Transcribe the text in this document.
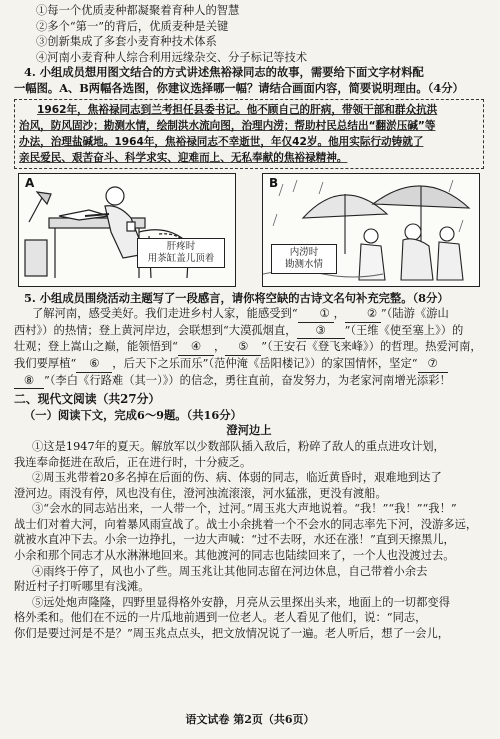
①每一个优质麦种都凝聚着育种人的智慧
②多个“第一”的背后，优质麦种是关键
③创新集成了多套小麦育种技术体系
④河南小麦育种人综合利用远缘杂交、分子标记等技术
4. 小组成员想用图文结合的方式讲述焦裕禄同志的故事，需要给下面文字材料配
一幅图。A、B两幅各选图，你建议选择哪一幅？请结合画面内容，简要说明理由。（4分）
1962年，焦裕禄同志到兰考担任县委书记。他不顾自己的肝病，带领干部和群众抗洪
治风，防风固沙；勘测水情，绘制洪水流向图，治理内涝；帮助村民总结出“翻淤压碱”等
办法，治理盐碱地。1964年，焦裕禄同志不幸逝世，年仅42岁。他用实际行动铸就了
亲民爱民、艰苦奋斗、科学求实、迎难而上、无私奉献的焦裕禄精神。
A
肝疼时
用茶缸盖儿顶着
B
内涝时
勘测水情
5. 小组成员围绕活动主题写了一段感言，请你将空缺的古诗文名句补充完整。（8分）
了解河南，感受美好。我们走进乡村人家，能感受到“ ① ， ② ”（陆游《游山
西村》）的热情；登上黄河岸边，会联想到“大漠孤烟直， ③ ”（王维《使至塞上》）的
壮观；登上嵩山之巅，能领悟到“ ④ ， ⑤ ”（王安石《登飞来峰》）的哲理。热爱河南，
我们要厚植“ ⑥ ，后天下之乐而乐”（范仲淹《岳阳楼记》）的家国情怀，坚定“ ⑦
⑧ ”（李白《行路难（其一）》）的信念，勇往直前，奋发努力，为老家河南增光添彩！
二、现代文阅读（共27分）
（一）阅读下文，完成6～9题。（共16分）
澄河边上
①这是1947年的夏天。解放军以少数部队插入敌后，粉碎了敌人的重点进攻计划，
我连奉命挺进在敌后，正在进行时，十分疲乏。
②周玉兆带着20多名掉在后面的伤、病、体弱的同志，临近黄昏时，艰难地到达了
澄河边。雨没有停，风也没有住，澄河浊流滚滚，河水猛涨，更没有渡船。
③“会水的同志站出来，一人带一个，过河。”周玉兆大声地说着。“我！”“我！”“我！”
战士们对着大河，向着暴风雨宣战了。战士小余挑着一个不会水的同志率先下河，没游多远，
就被水直冲下去。小余一边挣扎，一边大声喊：“过不去呀，水还在涨！”直到天擦黑儿，
小余和那个同志才从水淋淋地回来。其他渡河的同志也陆续回来了，一个人也没渡过去。
④雨终于停了，风也小了些。周玉兆让其他同志留在河边休息，自己带着小余去
附近村子打听哪里有浅滩。
⑤远处炮声隆隆，四野里显得格外安静，月亮从云里探出头来，地面上的一切都变得
格外柔和。他们在不远的一片瓜地前遇到一位老人。老人看见了他们，说：“同志，
你们是要过河是不是？”周玉兆点点头，把文放情况说了一遍。老人听后，想了一会儿，
语文试卷 第2页（共6页）
